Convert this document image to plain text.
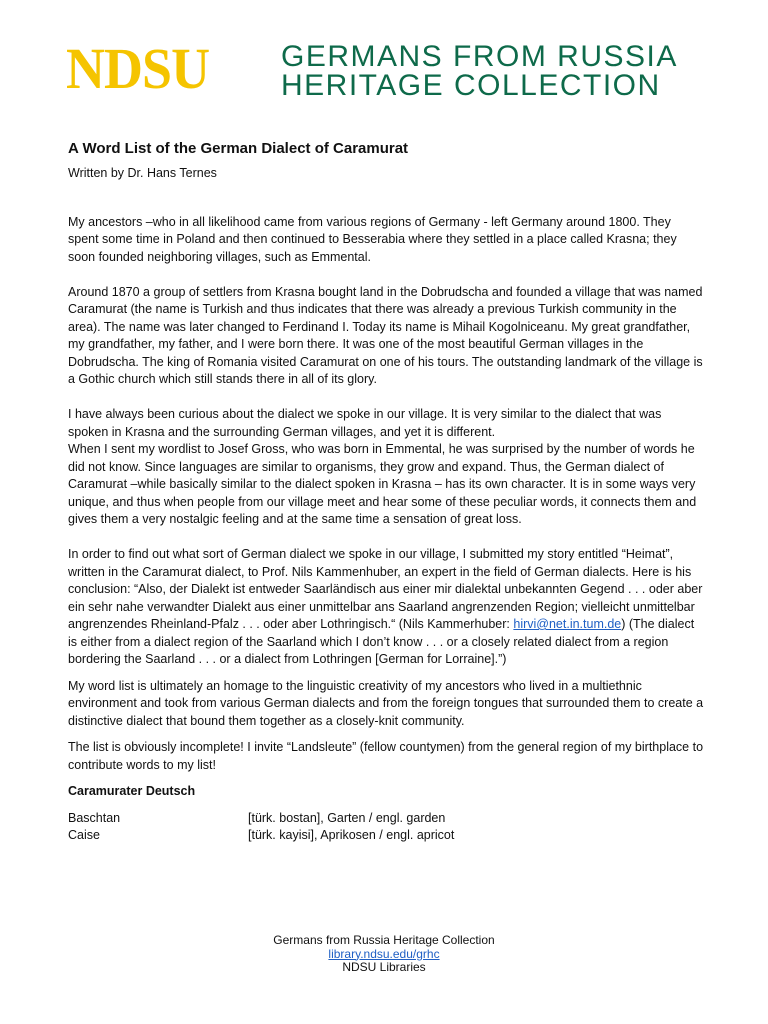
NDSU GERMANS FROM RUSSIA
HERITAGE COLLECTION

A Word List of the German Dialect of Caramurat

Written by Dr. Hans Ternes

My ancestors –who in all likelihood came from various regions of Germany - left Germany around 1800. They spent some time in Poland and then continued to Besserabia where they settled in a place called Krasna; they soon founded neighboring villages, such as Emmental.

Around 1870 a group of settlers from Krasna bought land in the Dobrudscha and founded a village that was named Caramurat (the name is Turkish and thus indicates that there was already a previous Turkish community in the area). The name was later changed to Ferdinand I. Today its name is Mihail Kogolniceanu. My great grandfather, my grandfather, my father, and I were born there. It was one of the most beautiful German villages in the Dobrudscha. The king of Romania visited Caramurat on one of his tours. The outstanding landmark of the village is a Gothic church which still stands there in all of its glory.

I have always been curious about the dialect we spoke in our village. It is very similar to the dialect that was spoken in Krasna and the surrounding German villages, and yet it is different.

When I sent my wordlist to Josef Gross, who was born in Emmental, he was surprised by the number of words he did not know. Since languages are similar to organisms, they grow and expand. Thus, the German dialect of Caramurat –while basically similar to the dialect spoken in Krasna – has its own character. It is in some ways very unique, and thus when people from our village meet and hear some of these peculiar words, it connects them and gives them a very nostalgic feeling and at the same time a sensation of great loss.

In order to find out what sort of German dialect we spoke in our village, I submitted my story entitled “Heimat”, written in the Caramurat dialect, to Prof. Nils Kammenhuber, an expert in the field of German dialects. Here is his conclusion: “Also, der Dialekt ist entweder Saarländisch aus einer mir dialektal unbekannten Gegend . . . oder aber ein sehr nahe verwandter Dialekt aus einer unmittelbar ans Saarland angrenzenden Region; vielleicht unmittelbar angrenzendes Rheinland-Pfalz . . . oder aber Lothringisch.“ (Nils Kammerhuber: hirvi@net.in.tum.de) (The dialect is either from a dialect region of the Saarland which I don’t know . . . or a closely related dialect from a region bordering the Saarland . . . or a dialect from Lothringen [German for Lorraine].”)

My word list is ultimately an homage to the linguistic creativity of my ancestors who lived in a multiethnic environment and took from various German dialects and from the foreign tongues that surrounded them to create a distinctive dialect that bound them together as a closely-knit community.

The list is obviously incomplete! I invite “Landsleute” (fellow countymen) from the general region of my birthplace to contribute words to my list!

Caramurater Deutsch

Baschtan	[türk. bostan], Garten / engl. garden
Caise	[türk. kayisi], Aprikosen / engl. apricot
Germans from Russia Heritage Collection
library.ndsu.edu/grhc
NDSU Libraries
